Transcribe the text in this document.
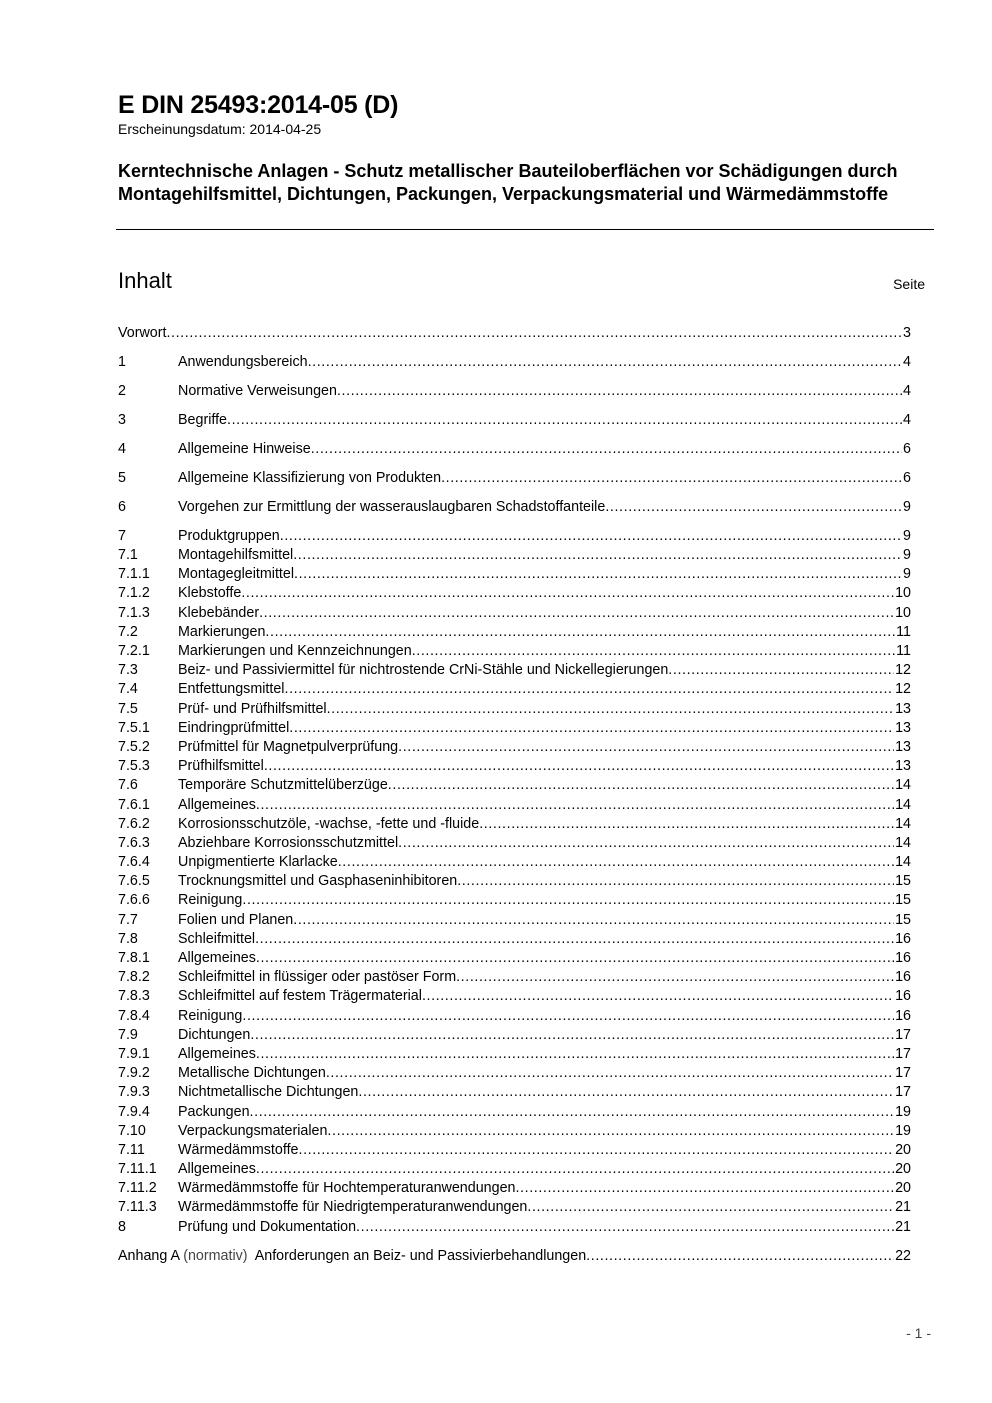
E DIN 25493:2014-05 (D)
Erscheinungsdatum: 2014-04-25
Kerntechnische Anlagen - Schutz metallischer Bauteiloberflächen vor Schädigungen durch Montagehilfsmittel, Dichtungen, Packungen, Verpackungsmaterial und Wärmedämmstoffe
Inhalt	Seite
Vorwort .....	3
1	Anwendungsbereich .....	4
2	Normative Verweisungen .....	4
3	Begriffe .....	4
4	Allgemeine Hinweise .....	6
5	Allgemeine Klassifizierung von Produkten .....	6
6	Vorgehen zur Ermittlung der wasserauslaugbaren Schadstoffanteile .....	9
7	Produktgruppen .....	9
7.1	Montagehilfsmittel .....	9
7.1.1	Montagegleitmittel .....	9
7.1.2	Klebstoffe .....	10
7.1.3	Klebebänder .....	10
7.2	Markierungen .....	11
7.2.1	Markierungen und Kennzeichnungen .....	11
7.3	Beiz- und Passiviermittel für nichtrostende CrNi-Stähle und Nickellegierungen .....	12
7.4	Entfettungsmittel .....	12
7.5	Prüf- und Prüfhilfsmittel .....	13
7.5.1	Eindringprüfmittel .....	13
7.5.2	Prüfmittel für Magnetpulverprüfung .....	13
7.5.3	Prüfhilfsmittel .....	13
7.6	Temporäre Schutzmittelüberzüge .....	14
7.6.1	Allgemeines .....	14
7.6.2	Korrosionsschutzöle, -wachse, -fette und -fluide .....	14
7.6.3	Abziehbare Korrosionsschutzmittel .....	14
7.6.4	Unpigmentierte Klarlacke .....	14
7.6.5	Trocknungsmittel und Gasphaseninhibitoren .....	15
7.6.6	Reinigung .....	15
7.7	Folien und Planen .....	15
7.8	Schleifmittel .....	16
7.8.1	Allgemeines .....	16
7.8.2	Schleifmittel in flüssiger oder pastöser Form .....	16
7.8.3	Schleifmittel auf festem Trägermaterial .....	16
7.8.4	Reinigung .....	16
7.9	Dichtungen .....	17
7.9.1	Allgemeines .....	17
7.9.2	Metallische Dichtungen .....	17
7.9.3	Nichtmetallische Dichtungen .....	17
7.9.4	Packungen .....	19
7.10	Verpackungsmaterialen .....	19
7.11	Wärmedämmstoffe .....	20
7.11.1	Allgemeines .....	20
7.11.2	Wärmedämmstoffe für Hochtemperaturanwendungen .....	20
7.11.3	Wärmedämmstoffe für Niedrigtemperaturanwendungen .....	21
8	Prüfung und Dokumentation .....	21
Anhang A (normativ) Anforderungen an Beiz- und Passivierbehandlungen .....	22
- 1 -
